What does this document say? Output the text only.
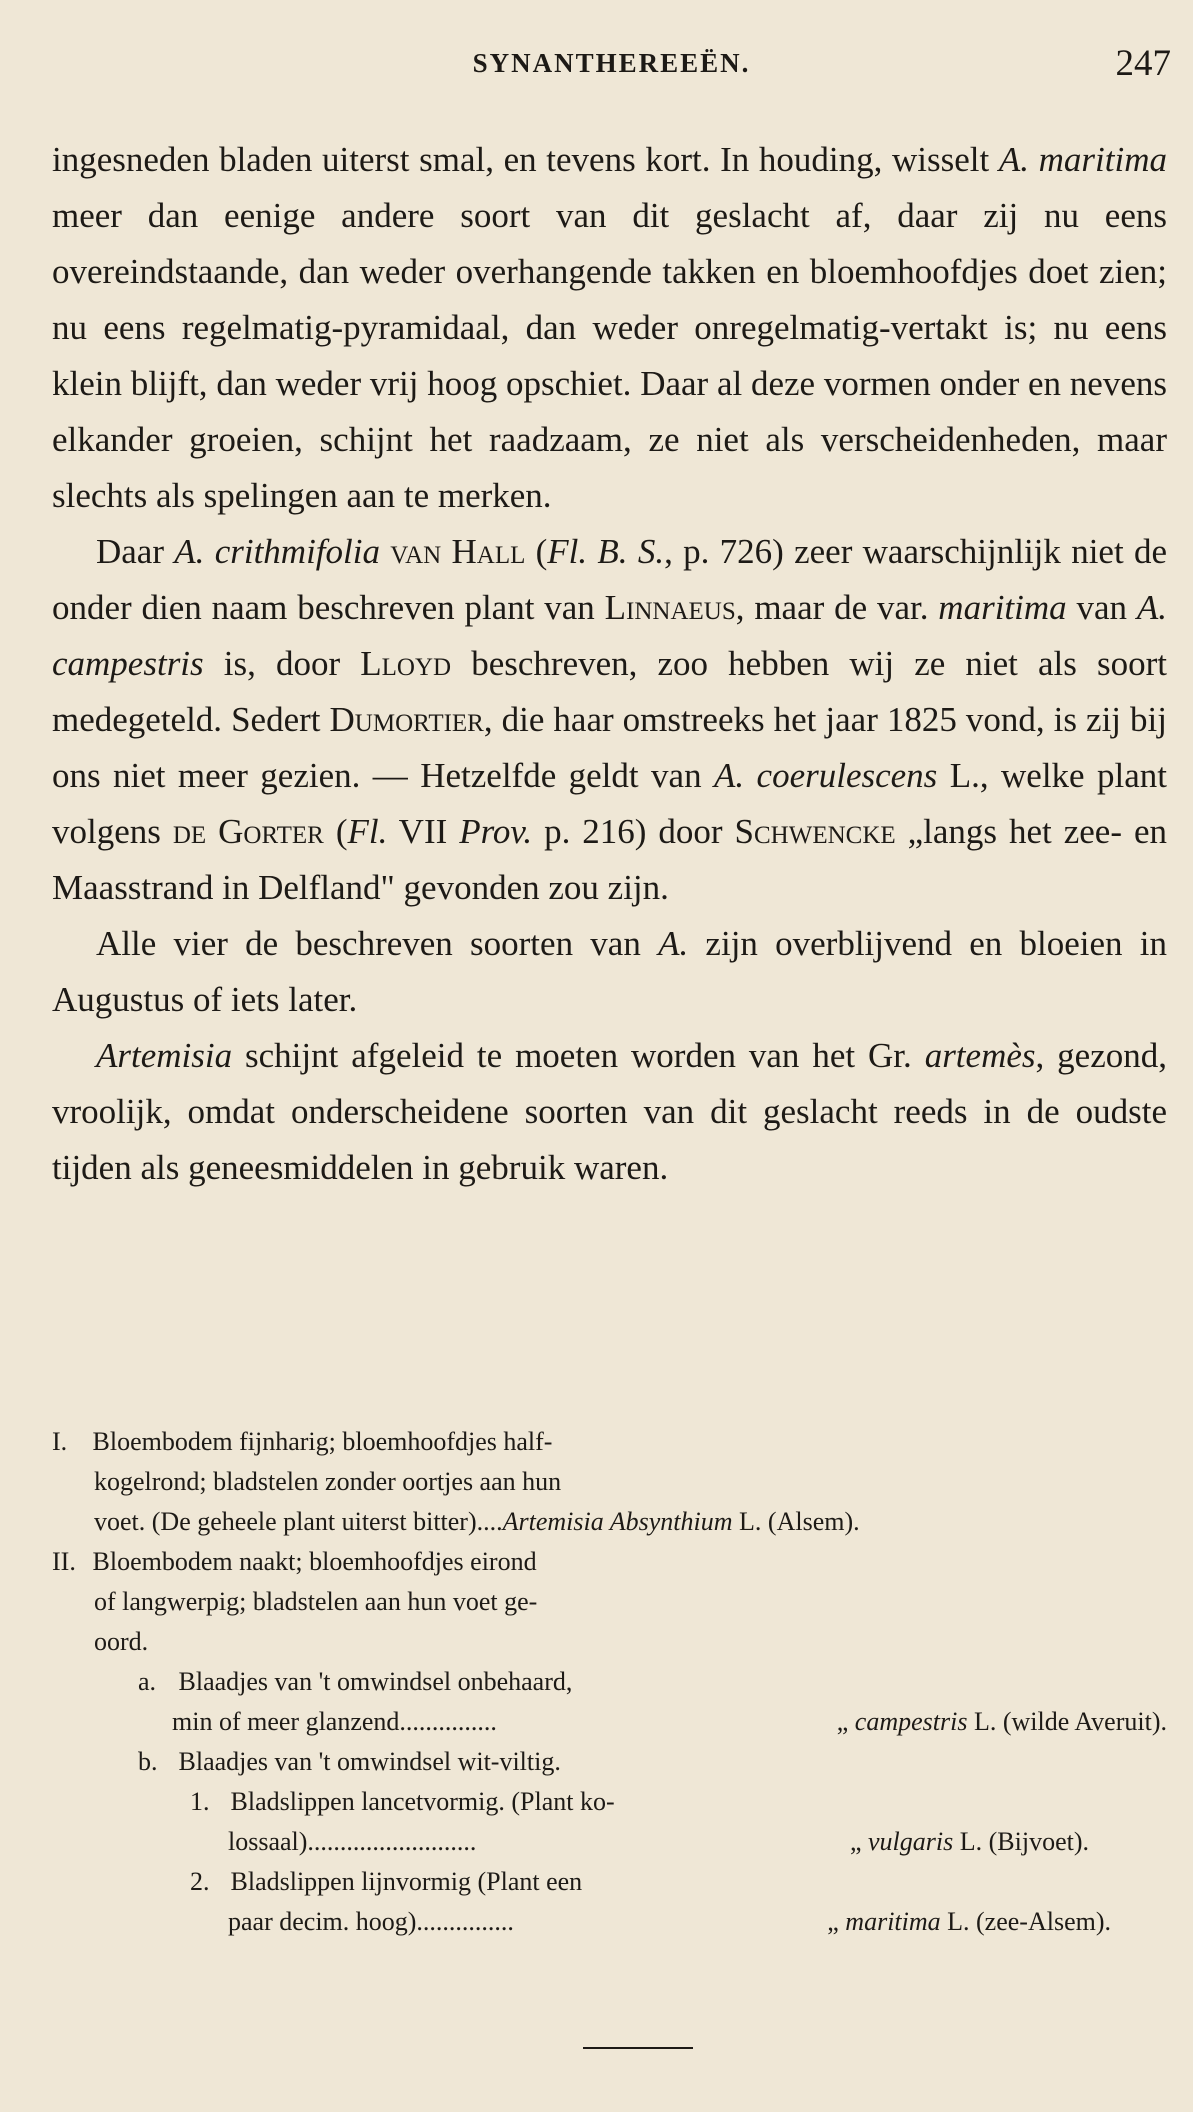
SYNANTHEREEËN.	247

ingesneden bladen uiterst smal, en tevens kort. In houding, wisselt A. maritima meer dan eenige andere soort van dit geslacht af, daar zij nu eens overeindstaande, dan weder overhangende takken en bloemhoofdjes doet zien; nu eens regelmatig-pyramidaal, dan weder onregelmatig-vertakt is; nu eens klein blijft, dan weder vrij hoog opschiet. Daar al deze vormen onder en nevens elkander groeien, schijnt het raadzaam, ze niet als verscheidenheden, maar slechts als spelingen aan te merken.

Daar A. crithmifolia van Hall (Fl. B. S., p. 726) zeer waarschijnlijk niet de onder dien naam beschreven plant van Linnaeus, maar de var. maritima van A. campestris is, door Lloyd beschreven, zoo hebben wij ze niet als soort medegeteld. Sedert Dumortier, die haar omstreeks het jaar 1825 vond, is zij bij ons niet meer gezien. — Hetzelfde geldt van A. coerulescens L., welke plant volgens de Gorter (Fl. VII Prov. p. 216) door Schwencke „langs het zee- en Maasstrand in Delfland" gevonden zou zijn.

Alle vier de beschreven soorten van A. zijn overblijvend en bloeien in Augustus of iets later.

Artemisia schijnt afgeleid te moeten worden van het Gr. artemès, gezond, vroolijk, omdat onderscheidene soorten van dit geslacht reeds in de oudste tijden als geneesmiddelen in gebruik waren.

I. Bloembodem fijnharig; bloemhoofdjes half-
kogelrond; bladstelen zonder oortjes aan hun
voet. (De geheele plant uiterst bitter)....Artemisia Absynthium L. (Alsem).
II. Bloembodem naakt; bloemhoofdjes eirond
of langwerpig; bladstelen aan hun voet ge-
oord.
a. Blaadjes van 't omwindsel onbehaard,
min of meer glanzend...............	„ campestris L. (wilde Averuit).
b. Blaadjes van 't omwindsel wit-viltig.
1. Bladslippen lancetvormig. (Plant ko-
lossaal)..........................	„ vulgaris L. (Bijvoet).
2. Bladslippen lijnvormig (Plant een
paar decim. hoog)...............	„ maritima L. (zee-Alsem).
